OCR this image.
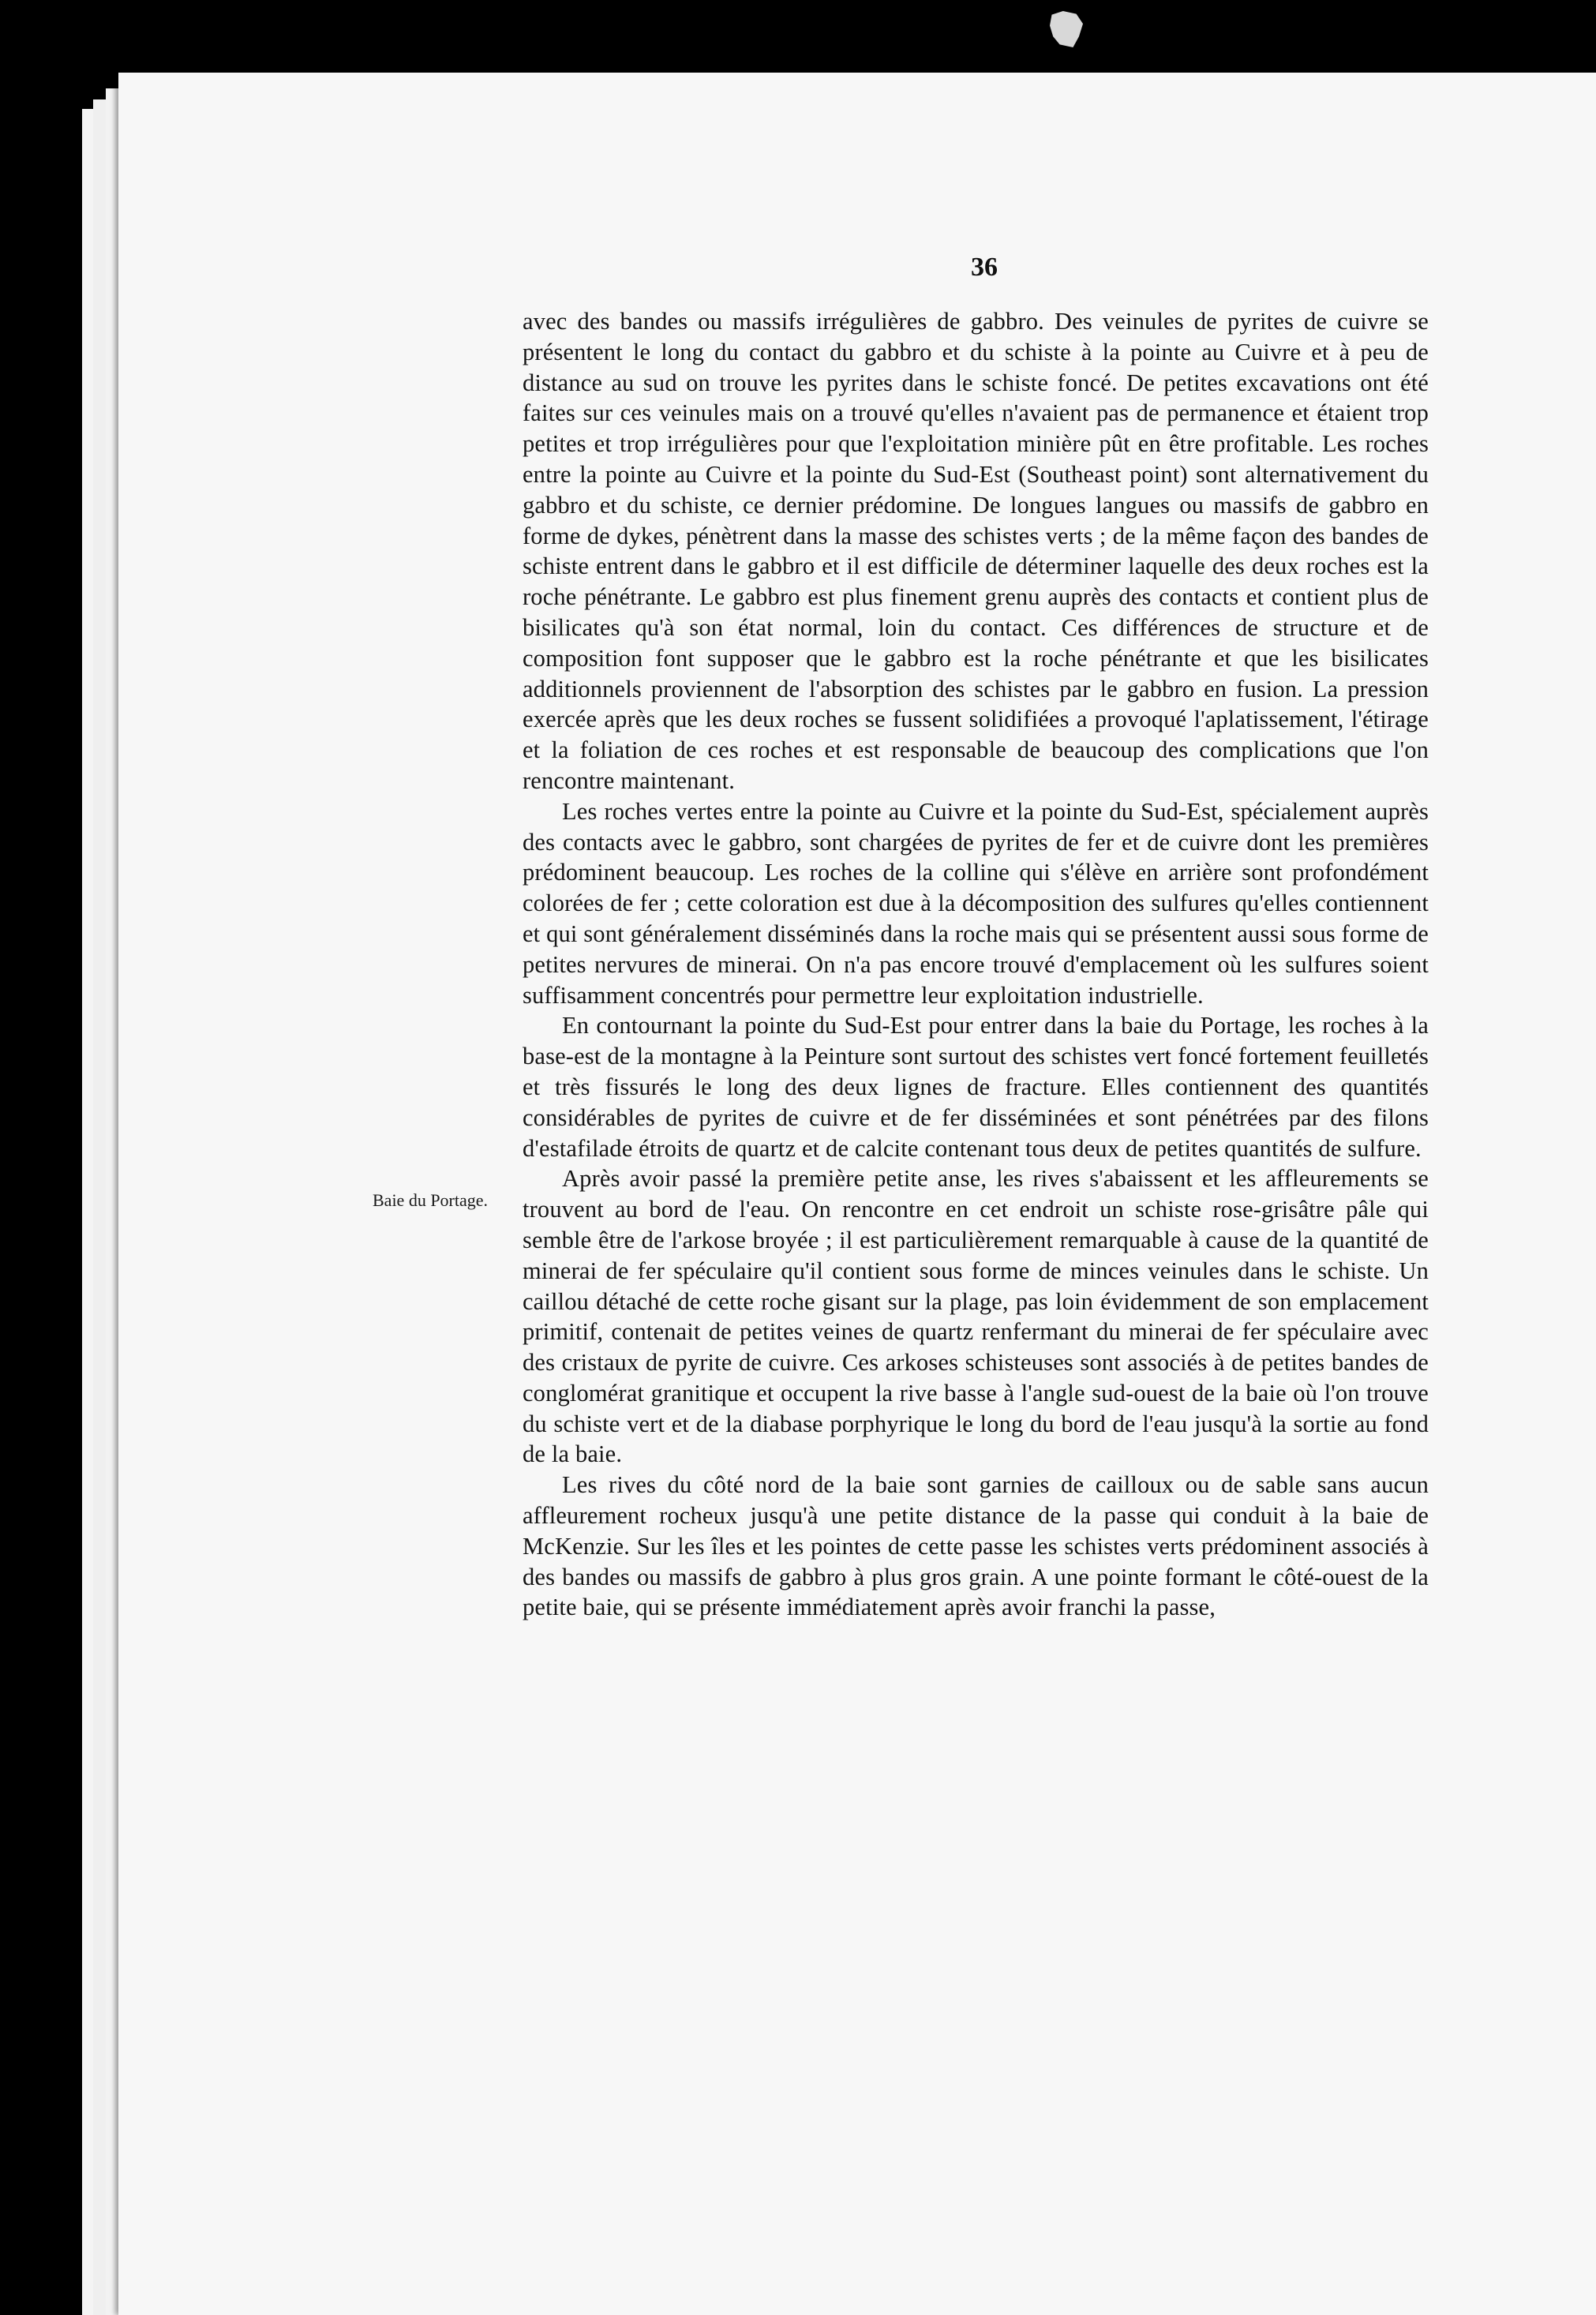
36
Baie du Portage.

avec des bandes ou massifs irrégulières de gabbro. Des veinules de pyrites de cuivre se présentent le long du contact du gabbro et du schiste à la pointe au Cuivre et à peu de distance au sud on trouve les pyrites dans le schiste foncé. De petites excavations ont été faites sur ces veinules mais on a trouvé qu'elles n'avaient pas de permanence et étaient trop petites et trop irrégulières pour que l'exploitation minière pût en être profitable. Les roches entre la pointe au Cuivre et la pointe du Sud-Est (Southeast point) sont alternativement du gabbro et du schiste, ce dernier prédomine. De longues langues ou massifs de gabbro en forme de dykes, pénètrent dans la masse des schistes verts ; de la même façon des bandes de schiste entrent dans le gabbro et il est difficile de déterminer laquelle des deux roches est la roche pénétrante. Le gabbro est plus finement grenu auprès des contacts et contient plus de bisilicates qu'à son état normal, loin du contact. Ces différences de structure et de composition font supposer que le gabbro est la roche pénétrante et que les bisilicates additionnels proviennent de l'absorption des schistes par le gabbro en fusion. La pression exercée après que les deux roches se fussent solidifiées a provoqué l'aplatissement, l'étirage et la foliation de ces roches et est responsable de beaucoup des complications que l'on rencontre maintenant.

Les roches vertes entre la pointe au Cuivre et la pointe du Sud-Est, spécialement auprès des contacts avec le gabbro, sont chargées de pyrites de fer et de cuivre dont les premières prédominent beaucoup. Les roches de la colline qui s'élève en arrière sont profondément colorées de fer ; cette coloration est due à la décomposition des sulfures qu'elles contiennent et qui sont généralement disséminés dans la roche mais qui se présentent aussi sous forme de petites nervures de minerai. On n'a pas encore trouvé d'emplacement où les sulfures soient suffisamment concentrés pour permettre leur exploitation industrielle.

En contournant la pointe du Sud-Est pour entrer dans la baie du Portage, les roches à la base-est de la montagne à la Peinture sont surtout des schistes vert foncé fortement feuilletés et très fissurés le long des deux lignes de fracture. Elles contiennent des quantités considérables de pyrites de cuivre et de fer disséminées et sont pénétrées par des filons d'estafilade étroits de quartz et de calcite contenant tous deux de petites quantités de sulfure.

Après avoir passé la première petite anse, les rives s'abaissent et les affleurements se trouvent au bord de l'eau. On rencontre en cet endroit un schiste rose-grisâtre pâle qui semble être de l'arkose broyée ; il est particulièrement remarquable à cause de la quantité de minerai de fer spéculaire qu'il contient sous forme de minces veinules dans le schiste. Un caillou détaché de cette roche gisant sur la plage, pas loin évidemment de son emplacement primitif, contenait de petites veines de quartz renfermant du minerai de fer spéculaire avec des cristaux de pyrite de cuivre. Ces arkoses schisteuses sont associés à de petites bandes de conglomérat granitique et occupent la rive basse à l'angle sud-ouest de la baie où l'on trouve du schiste vert et de la diabase porphyrique le long du bord de l'eau jusqu'à la sortie au fond de la baie.

Les rives du côté nord de la baie sont garnies de cailloux ou de sable sans aucun affleurement rocheux jusqu'à une petite distance de la passe qui conduit à la baie de McKenzie. Sur les îles et les pointes de cette passe les schistes verts prédominent associés à des bandes ou massifs de gabbro à plus gros grain. A une pointe formant le côté-ouest de la petite baie, qui se présente immédiatement après avoir franchi la passe,
